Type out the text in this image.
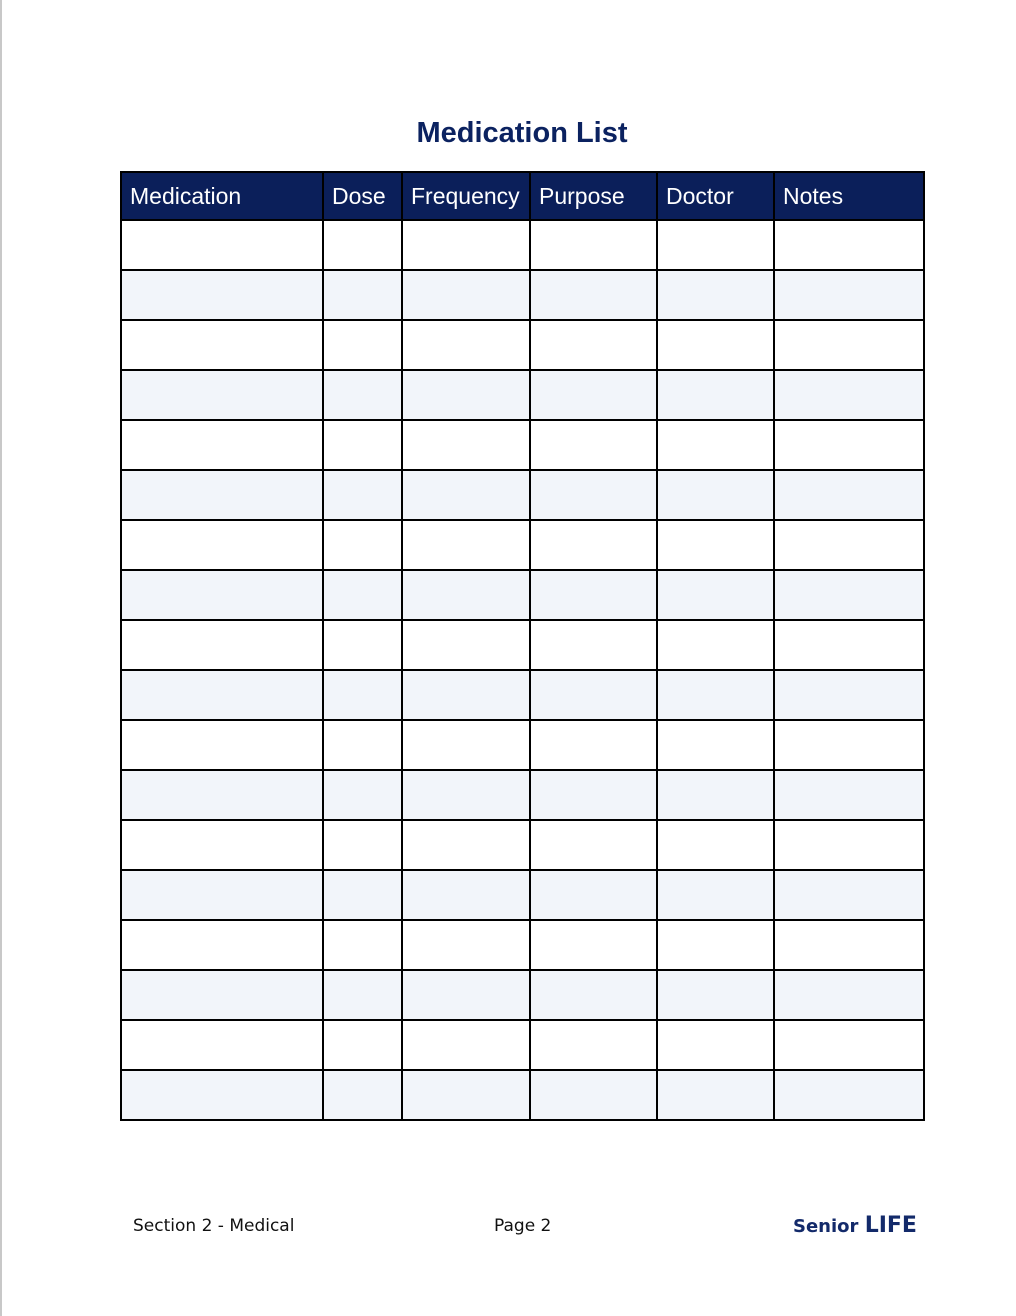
Medication List
Medication	Dose	Frequency	Purpose	Doctor	Notes

Section 2 - Medical	Page 2	Senior LIFE
